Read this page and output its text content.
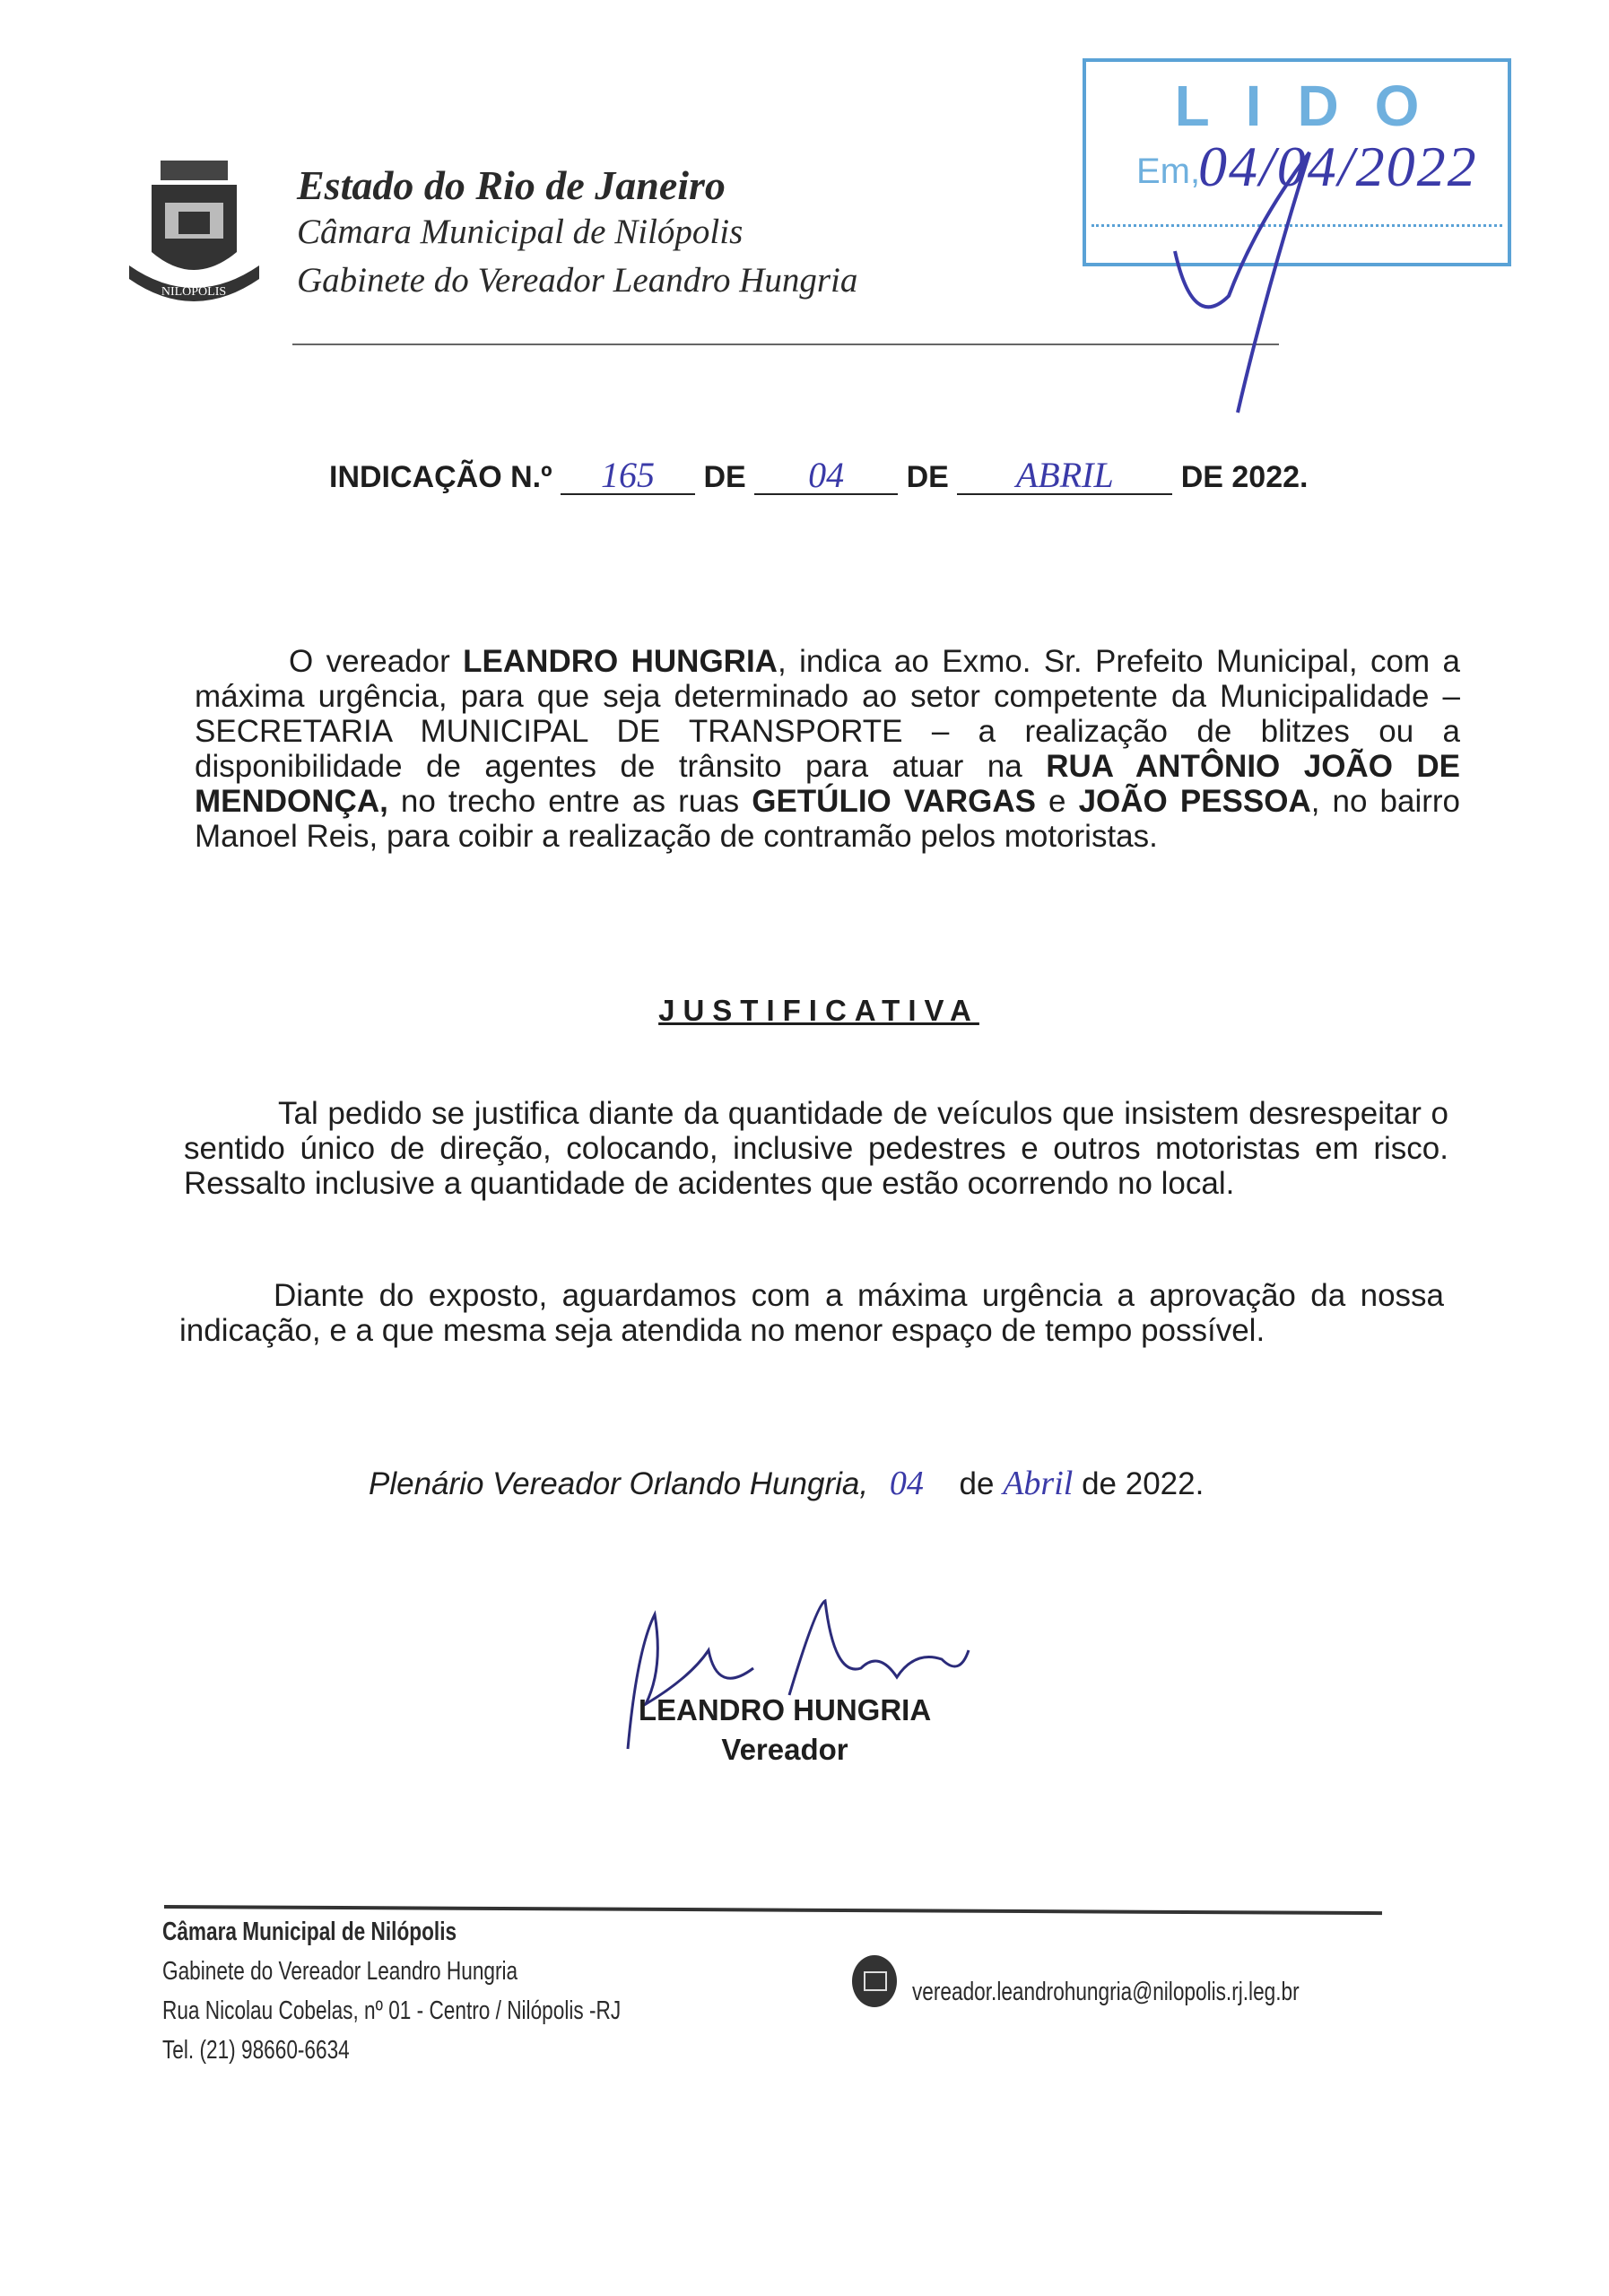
NILÓPOLIS
Estado do Rio de Janeiro
Câmara Municipal de Nilópolis
Gabinete do Vereador Leandro Hungria
LIDO
Em,
04/04/2022
INDICAÇÃO N.º 165 DE 04 DE ABRIL DE 2022.
O vereador LEANDRO HUNGRIA, indica ao Exmo. Sr. Prefeito Municipal, com a máxima urgência, para que seja determinado ao setor competente da Municipalidade – SECRETARIA MUNICIPAL DE TRANSPORTE – a realização de blitzes ou a disponibilidade de agentes de trânsito para atuar na RUA ANTÔNIO JOÃO DE MENDONÇA, no trecho entre as ruas GETÚLIO VARGAS e JOÃO PESSOA, no bairro Manoel Reis, para coibir a realização de contramão pelos motoristas.
JUSTIFICATIVA
Tal pedido se justifica diante da quantidade de veículos que insistem desrespeitar o sentido único de direção, colocando, inclusive pedestres e outros motoristas em risco. Ressalto inclusive a quantidade de acidentes que estão ocorrendo no local.
Diante do exposto, aguardamos com a máxima urgência a aprovação da nossa indicação, e a que mesma seja atendida no menor espaço de tempo possível.
Plenário Vereador Orlando Hungria, 04 de Abril de 2022.
LEANDRO HUNGRIA
Vereador
Câmara Municipal de Nilópolis
Gabinete do Vereador Leandro Hungria
Rua Nicolau Cobelas, nº 01 - Centro / Nilópolis -RJ
Tel. (21) 98660-6634
vereador.leandrohungria@nilopolis.rj.leg.br
